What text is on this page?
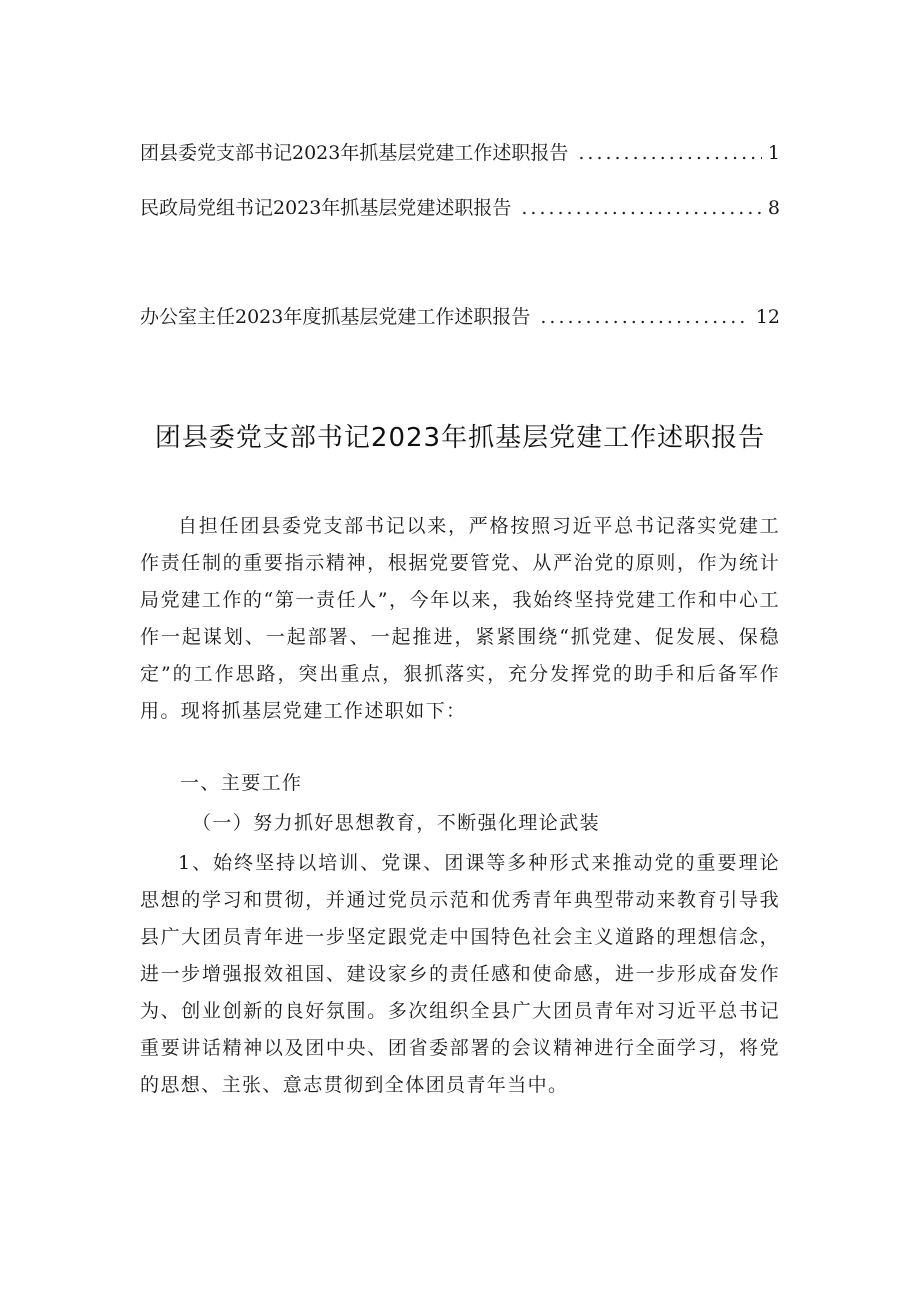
团县委党支部书记2023年抓基层党建工作述职报告 .....	1
民政局党组书记2023年抓基层党建述职报告 .....	8
办公室主任2023年度抓基层党建工作述职报告 .....	12
团县委党支部书记2023年抓基层党建工作述职报告

自担任团县委党支部书记以来，严格按照习近平总书记落实党建工作责任制的重要指示精神，根据党要管党、从严治党的原则，作为统计局党建工作的“第一责任人”，今年以来，我始终坚持党建工作和中心工作一起谋划、一起部署、一起推进，紧紧围绕“抓党建、促发展、保稳定”的工作思路，突出重点，狠抓落实，充分发挥党的助手和后备军作用。现将抓基层党建工作述职如下：

一、主要工作
（一）努力抓好思想教育，不断强化理论武装

1、始终坚持以培训、党课、团课等多种形式来推动党的重要理论思想的学习和贯彻，并通过党员示范和优秀青年典型带动来教育引导我县广大团员青年进一步坚定跟党走中国特色社会主义道路的理想信念，进一步增强报效祖国、建设家乡的责任感和使命感，进一步形成奋发作为、创业创新的良好氛围。多次组织全县广大团员青年对习近平总书记重要讲话精神以及团中央、团省委部署的会议精神进行全面学习，将党的思想、主张、意志贯彻到全体团员青年当中。
